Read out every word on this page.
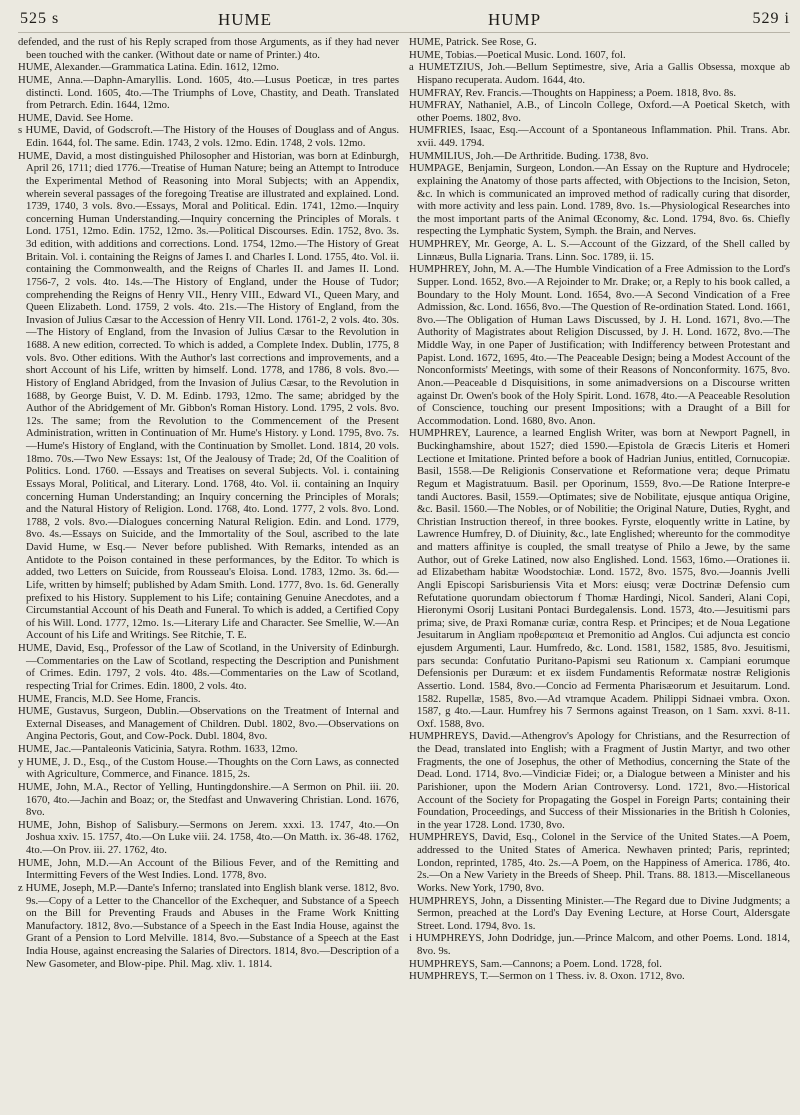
525 s	HUME	HUMP	529 i

defended, and the rust of his Reply scraped from those Arguments, as if they had never been touched with the canker. (Without date or name of Printer.) 4to.

HUME, Alexander.—Grammatica Latina. Edin. 1612, 12mo.

HUME, Anna.—Daphn-Amaryllis. Lond. 1605, 4to.—Lusus Poeticæ, in tres partes distincti. Lond. 1605, 4to.—The Triumphs of Love, Chastity, and Death. Translated from Petrarch. Edin. 1644, 12mo.

HUME, David. See Home.

s HUME, David, of Godscroft.—The History of the Houses of Douglass and of Angus. Edin. 1644, fol. The same. Edin. 1743, 2 vols. 12mo. Edin. 1748, 2 vols. 12mo.

HUME, David, a most distinguished Philosopher and Historian, was born at Edinburgh, April 26, 1711; died 1776.—Treatise of Human Nature; being an Attempt to Introduce the Experimental Method of Reasoning into Moral Subjects; with an Appendix, wherein several passages of the foregoing Treatise are illustrated and explained. Lond. 1739, 1740, 3 vols. 8vo.—Essays, Moral and Political. Edin. 1741, 12mo.—Inquiry concerning Human Understanding.—Inquiry concerning the Principles of Morals. t Lond. 1751, 12mo. Edin. 1752, 12mo. 3s.—Political Discourses. Edin. 1752, 8vo. 3s. 3d edition, with additions and corrections. Lond. 1754, 12mo.—The History of Great Britain. Vol. i. containing the Reigns of James I. and Charles I. Lond. 1755, 4to. Vol. ii. containing the Commonwealth, and the Reigns of Charles II. and James II. Lond. 1756-7, 2 vols. 4to. 14s.—The History of England, under the House of Tudor; comprehending the Reigns of Henry VII., Henry VIII., Edward VI., Queen Mary, and Queen Elizabeth. Lond. 1759, 2 vols. 4to. 21s.—The History of England, from the Invasion of Julius Cæsar to the Accession of Henry VII. Lond. 1761-2, 2 vols. 4to. 30s.—The History of England, from the Invasion of Julius Cæsar to the Revolution in 1688. A new edition, corrected. To which is added, a Complete Index. Dublin, 1775, 8 vols. 8vo. Other editions. With the Author's last corrections and improvements, and a short Account of his Life, written by himself. Lond. 1778, and 1786, 8 vols. 8vo.—History of England Abridged, from the Invasion of Julius Cæsar, to the Revolution in 1688, by George Buist, V. D. M. Edinb. 1793, 12mo. The same; abridged by the Author of the Abridgement of Mr. Gibbon's Roman History. Lond. 1795, 2 vols. 8vo. 12s. The same; from the Revolution to the Commencement of the Present Administration, written in Continuation of Mr. Hume's History. y Lond. 1795, 8vo. 7s.—Hume's History of England, with the Continuation by Smollet. Lond. 1814, 20 vols. 18mo. 70s.—Two New Essays: 1st, Of the Jealousy of Trade; 2d, Of the Coalition of Politics. Lond. 1760. —Essays and Treatises on several Subjects. Vol. i. containing Essays Moral, Political, and Literary. Lond. 1768, 4to. Vol. ii. containing an Inquiry concerning Human Understanding; an Inquiry concerning the Principles of Morals; and the Natural History of Religion. Lond. 1768, 4to. Lond. 1777, 2 vols. 8vo. Lond. 1788, 2 vols. 8vo.—Dialogues concerning Natural Religion. Edin. and Lond. 1779, 8vo. 4s.—Essays on Suicide, and the Immortality of the Soul, ascribed to the late David Hume, w Esq.— Never before published. With Remarks, intended as an Antidote to the Poison contained in these performances, by the Editor. To which is added, two Letters on Suicide, from Rousseau's Eloisa. Lond. 1783, 12mo. 3s. 6d.—Life, written by himself; published by Adam Smith. Lond. 1777, 8vo. 1s. 6d. Generally prefixed to his History. Supplement to his Life; containing Genuine Anecdotes, and a Circumstantial Account of his Death and Funeral. To which is added, a Certified Copy of his Will. Lond. 1777, 12mo. 1s.—Literary Life and Character. See Smellie, W.—An Account of his Life and Writings. See Ritchie, T. E.

HUME, David, Esq., Professor of the Law of Scotland, in the University of Edinburgh.—Commentaries on the Law of Scotland, respecting the Description and Punishment of Crimes. Edin. 1797, 2 vols. 4to. 48s.—Commentaries on the Law of Scotland, respecting Trial for Crimes. Edin. 1800, 2 vols. 4to.

HUME, Francis, M.D. See Home, Francis.

HUME, Gustavus, Surgeon, Dublin.—Observations on the Treatment of Internal and External Diseases, and Management of Children. Dubl. 1802, 8vo.—Observations on Angina Pectoris, Gout, and Cow-Pock. Dubl. 1804, 8vo.

HUME, Jac.—Pantaleonis Vaticinia, Satyra. Rothm. 1633, 12mo.

y HUME, J. D., Esq., of the Custom House.—Thoughts on the Corn Laws, as connected with Agriculture, Commerce, and Finance. 1815, 2s.

HUME, John, M.A., Rector of Yelling, Huntingdonshire.—A Sermon on Phil. iii. 20. 1670, 4to.—Jachin and Boaz; or, the Stedfast and Unwavering Christian. Lond. 1676, 8vo.

HUME, John, Bishop of Salisbury.—Sermons on Jerem. xxxi. 13. 1747, 4to.—On Joshua xxiv. 15. 1757, 4to.—On Luke viii. 24. 1758, 4to.—On Matth. ix. 36-48. 1762, 4to.—On Prov. iii. 27. 1762, 4to.

HUME, John, M.D.—An Account of the Bilious Fever, and of the Remitting and Intermitting Fevers of the West Indies. Lond. 1778, 8vo.

z HUME, Joseph, M.P.—Dante's Inferno; translated into English blank verse. 1812, 8vo. 9s.—Copy of a Letter to the Chancellor of the Exchequer, and Substance of a Speech on the Bill for Preventing Frauds and Abuses in the Frame Work Knitting Manufactory. 1812, 8vo.—Substance of a Speech in the East India House, against the Grant of a Pension to Lord Melville. 1814, 8vo.—Substance of a Speech at the East India House, against encreasing the Salaries of Directors. 1814, 8vo.—Description of a New Gasometer, and Blow-pipe. Phil. Mag. xliv. 1. 1814.

HUME, Patrick. See Rose, G.

HUME, Tobias.—Poetical Music. Lond. 1607, fol.

a HUMETZIUS, Joh.—Bellum Septimestre, sive, Aria a Gallis Obsessa, moxque ab Hispano recuperata. Audom. 1644, 4to.

HUMFRAY, Rev. Francis.—Thoughts on Happiness; a Poem. 1818, 8vo. 8s.

HUMFRAY, Nathaniel, A.B., of Lincoln College, Oxford.—A Poetical Sketch, with other Poems. 1802, 8vo.

HUMFRIES, Isaac, Esq.—Account of a Spontaneous Inflammation. Phil. Trans. Abr. xvii. 449. 1794.

HUMMILIUS, Joh.—De Arthritide. Buding. 1738, 8vo.

HUMPAGE, Benjamin, Surgeon, London.—An Essay on the Rupture and Hydrocele; explaining the Anatomy of those parts affected, with Objections to the Incision, Seton, &c. In which is communicated an improved method of radically curing that disorder, with more activity and less pain. Lond. 1789, 8vo. 1s.—Physiological Researches into the most important parts of the Animal Œconomy, &c. Lond. 1794, 8vo. 6s. Chiefly respecting the Lymphatic System, Symph. the Brain, and Nerves.

HUMPHREY, Mr. George, A. L. S.—Account of the Gizzard, of the Shell called by Linnæus, Bulla Lignaria. Trans. Linn. Soc. 1789, ii. 15.

HUMPHREY, John, M. A.—The Humble Vindication of a Free Admission to the Lord's Supper. Lond. 1652, 8vo.—A Rejoinder to Mr. Drake; or, a Reply to his book called, a Boundary to the Holy Mount. Lond. 1654, 8vo.—A Second Vindication of a Free Admission, &c. Lond. 1656, 8vo.—The Question of Re-ordination Stated. Lond. 1661, 8vo.—The Obligation of Human Laws Discussed, by J. H. Lond. 1671, 8vo.—The Authority of Magistrates about Religion Discussed, by J. H. Lond. 1672, 8vo.—The Middle Way, in one Paper of Justification; with Indifferency between Protestant and Papist. Lond. 1672, 1695, 4to.—The Peaceable Design; being a Modest Account of the Nonconformists' Meetings, with some of their Reasons of Nonconformity. 1675, 8vo. Anon.—Peaceable d Disquisitions, in some animadversions on a Discourse written against Dr. Owen's book of the Holy Spirit. Lond. 1678, 4to.—A Peaceable Resolution of Conscience, touching our present Impositions; with a Draught of a Bill for Accommodation. Lond. 1680, 8vo. Anon.

HUMPHREY, Laurence, a learned English Writer, was born at Newport Pagnell, in Buckinghamshire, about 1527; died 1590.—Epistola de Græcis Literis et Homeri Lectione et Imitatione. Printed before a book of Hadrian Junius, entitled, Cornucopiæ. Basil, 1558.—De Religionis Conservatione et Reformatione vera; deque Primatu Regum et Magistratuum. Basil. per Oporinum, 1559, 8vo.—De Ratione Interpre-e tandi Auctores. Basil, 1559.—Optimates; sive de Nobilitate, ejusque antiqua Origine, &c. Basil. 1560.—The Nobles, or of Nobilitie; the Original Nature, Duties, Ryght, and Christian Instruction thereof, in three bookes. Fyrste, eloquently writte in Latine, by Lawrence Humfrey, D. of Diuinity, &c., late Englished; whereunto for the commoditye and matters affinitye is coupled, the small treatyse of Philo a Jewe, by the same Author, out of Greke Latined, now also Englished. Lond. 1563, 16mo.—Orationes ii. ad Elizabetham habitæ Woodstochiæ. Lond. 1572, 8vo. 1575, 8vo.—Joannis Jvelli Angli Episcopi Sarisburiensis Vita et Mors: eiusq; veræ Doctrinæ Defensio cum Refutatione quorundam obiectorum f Thomæ Hardingi, Nicol. Sanderi, Alani Copi, Hieronymi Osorij Lusitani Pontaci Burdegalensis. Lond. 1573, 4to.—Jesuitismi pars prima; sive, de Praxi Romanæ curiæ, contra Resp. et Principes; et de Noua Legatione Jesuitarum in Angliam προθεραπεια et Premonitio ad Anglos. Cui adjuncta est concio ejusdem Argumenti, Laur. Humfredo, &c. Lond. 1581, 1582, 1585, 8vo. Jesuitismi, pars secunda: Confutatio Puritano-Papismi seu Rationum x. Campiani eorumque Defensionis per Duræum: et ex iisdem Fundamentis Reformatæ nostræ Religionis Assertio. Lond. 1584, 8vo.—Concio ad Fermenta Pharisæorum et Jesuitarum. Lond. 1582. Rupellæ, 1585, 8vo.—Ad vtramque Academ. Philippi Sidnaei vmbra. Oxon. 1587, g 4to.—Laur. Humfrey his 7 Sermons against Treason, on 1 Sam. xxvi. 8-11. Oxf. 1588, 8vo.

HUMPHREYS, David.—Athengrov's Apology for Christians, and the Resurrection of the Dead, translated into English; with a Fragment of Justin Martyr, and two other Fragments, the one of Josephus, the other of Methodius, concerning the State of the Dead. Lond. 1714, 8vo.—Vindiciæ Fidei; or, a Dialogue between a Minister and his Parishioner, upon the Modern Arian Controversy. Lond. 1721, 8vo.—Historical Account of the Society for Propagating the Gospel in Foreign Parts; containing their Foundation, Proceedings, and Success of their Missionaries in the British h Colonies, in the year 1728. Lond. 1730, 8vo.

HUMPHREYS, David, Esq., Colonel in the Service of the United States.—A Poem, addressed to the United States of America. Newhaven printed; Paris, reprinted; London, reprinted, 1785, 4to. 2s.—A Poem, on the Happiness of America. 1786, 4to. 2s.—On a New Variety in the Breeds of Sheep. Phil. Trans. 88. 1813.—Miscellaneous Works. New York, 1790, 8vo.

HUMPHREYS, John, a Dissenting Minister.—The Regard due to Divine Judgments; a Sermon, preached at the Lord's Day Evening Lecture, at Horse Court, Aldersgate Street. Lond. 1794, 8vo. 1s.

i HUMPHREYS, John Dodridge, jun.—Prince Malcom, and other Poems. Lond. 1814, 8vo. 9s.

HUMPHREYS, Sam.—Cannons; a Poem. Lond. 1728, fol.

HUMPHREYS, T.—Sermon on 1 Thess. iv. 8. Oxon. 1712, 8vo.
